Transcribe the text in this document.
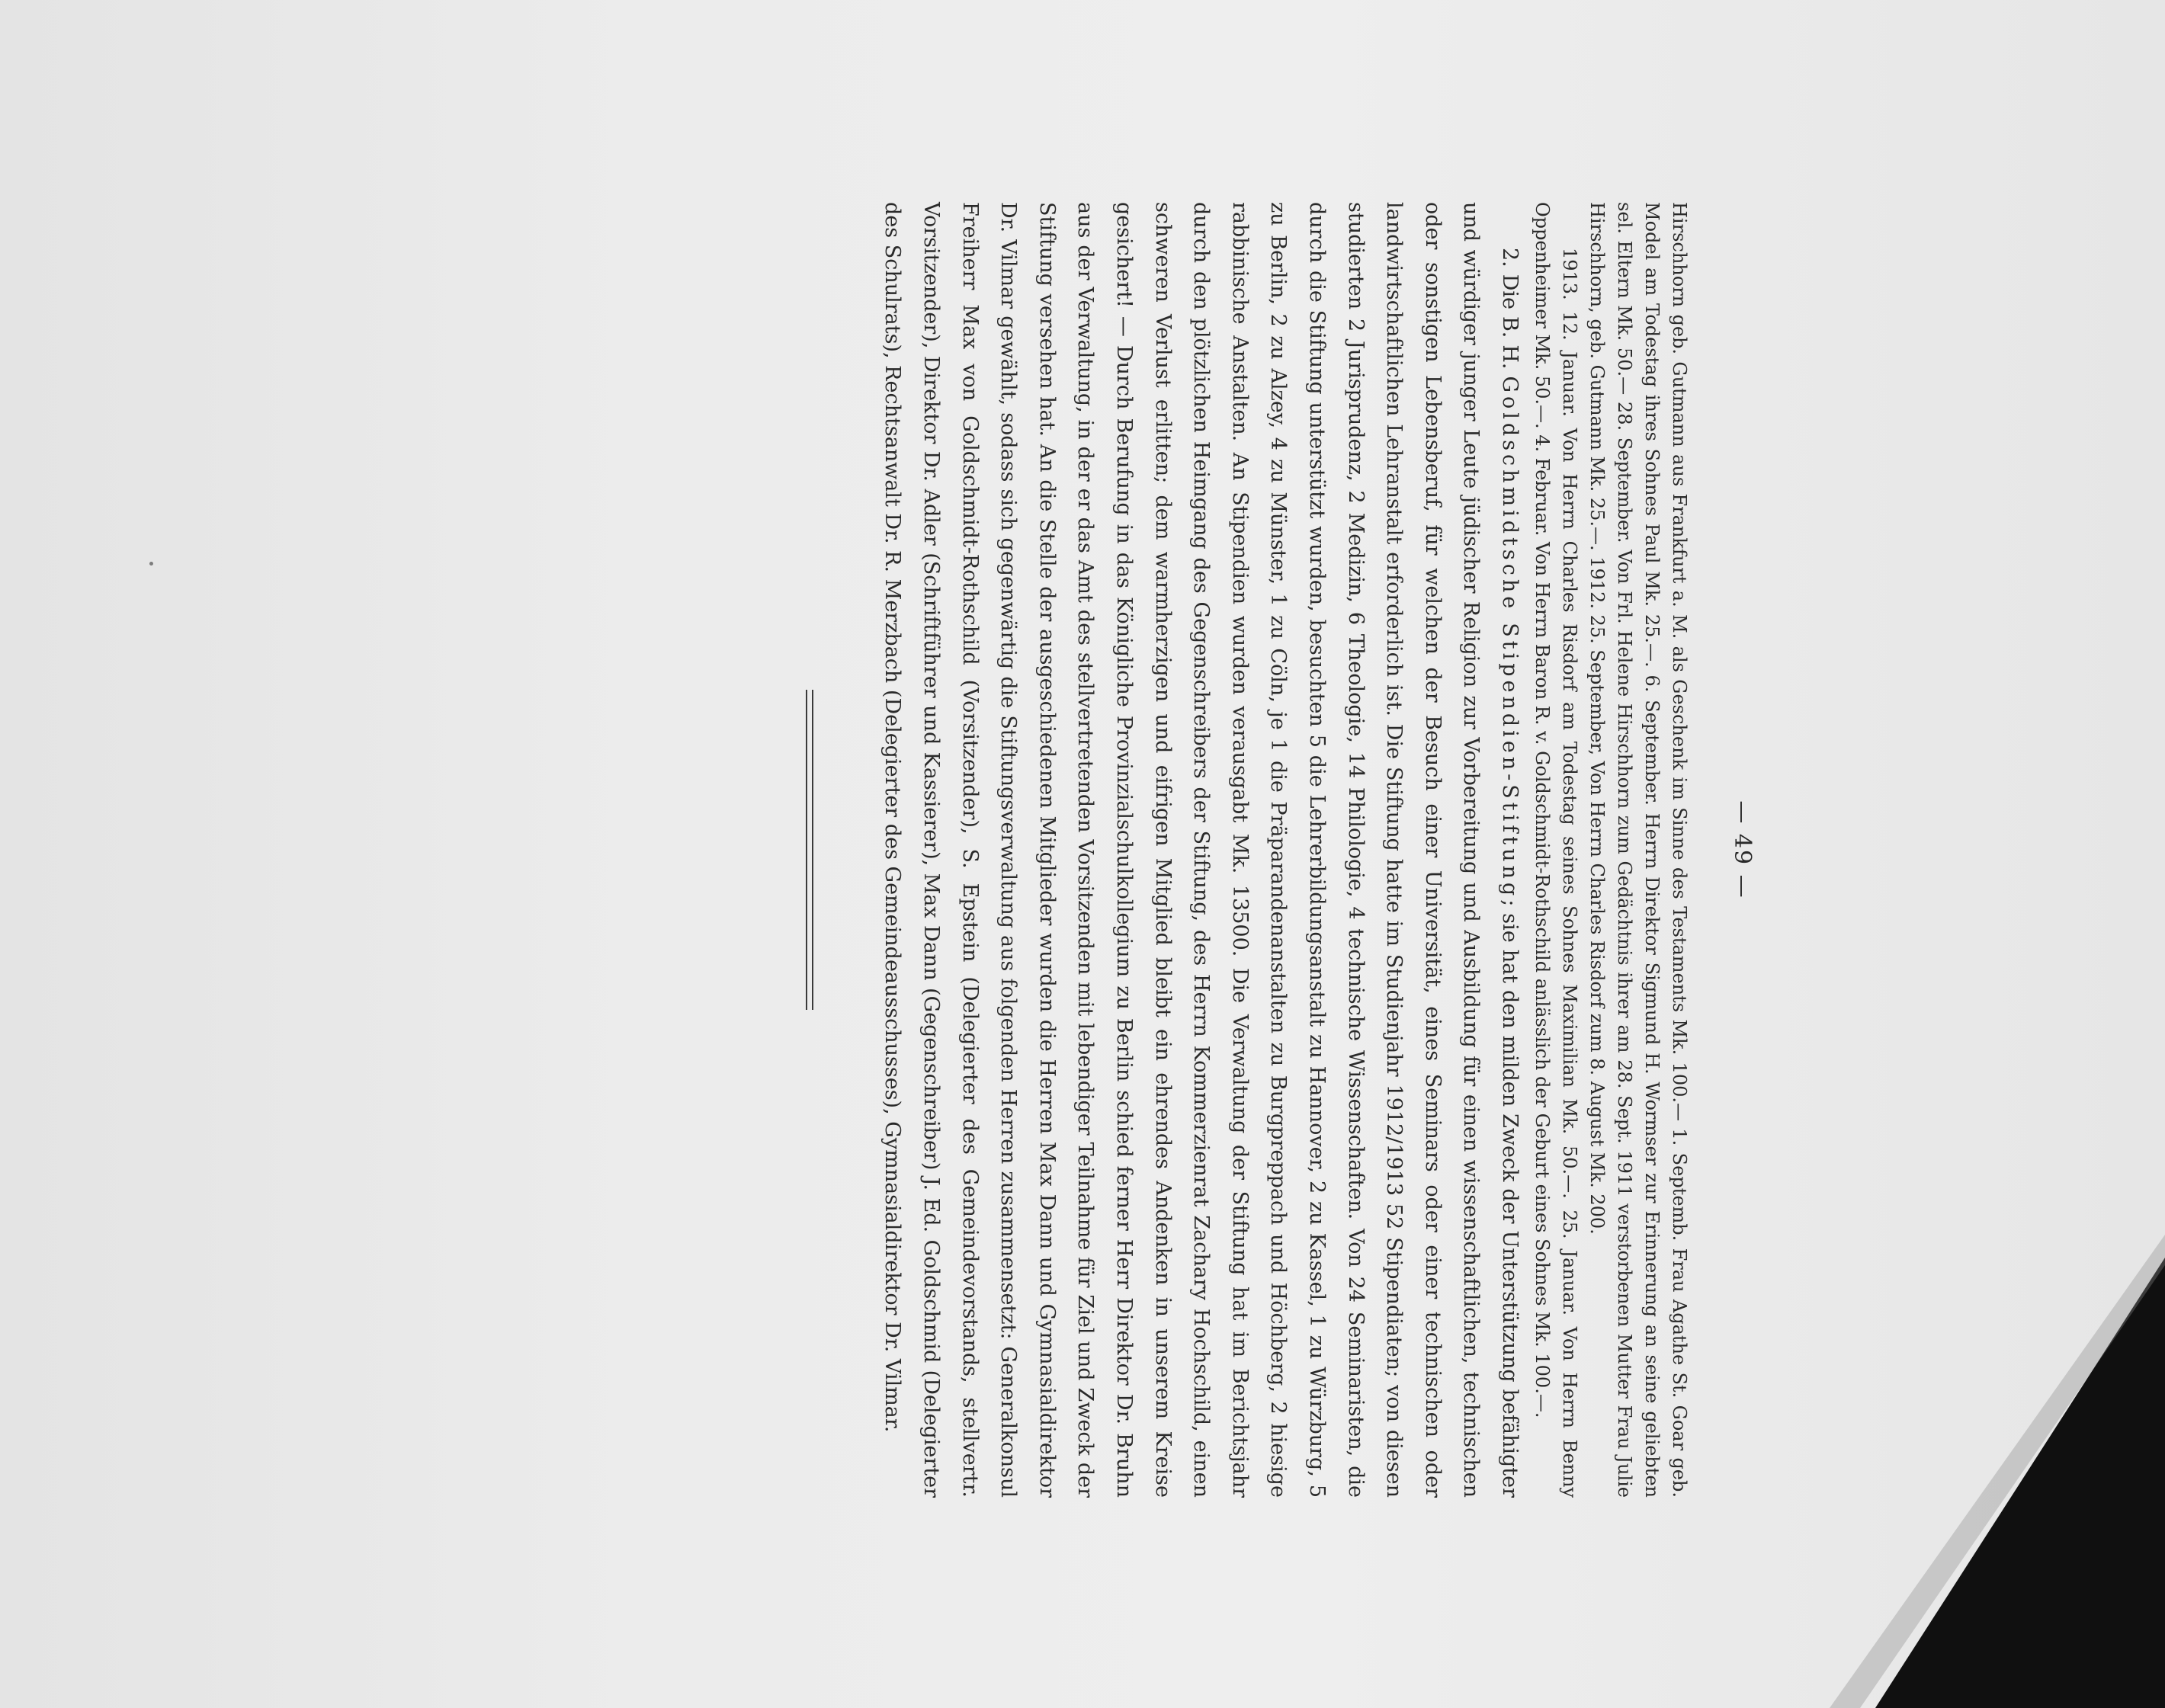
— 49 —

Hirschhorn geb. Gutmann aus Frankfurt a. M. als Geschenk im Sinne des Testaments Mk. 100.— 1. Septemb. Frau Agathe St. Goar geb. Model am Todestag ihres Sohnes Paul Mk. 25.—. 6. September. Herrn Direktor Sigmund H. Wormser zur Erinnerung an seine geliebten sel. Eltern Mk. 50.— 28. September. Von Frl. Helene Hirschhorn zum Gedächtnis ihrer am 28. Sept. 1911 verstorbenen Mutter Frau Julie Hirschhorn, geb. Gutmann Mk. 25.—. 1912. 25. September, Von Herrn Charles Risdorf zum 8. August Mk. 200.

1913. 12. Januar. Von Herrn Charles Risdorf am Todestag seines Sohnes Maximilian Mk. 50.—. 25. Januar. Von Herrn Benny Oppenheimer Mk. 50.—. 4. Februar. Von Herrn Baron R. v. Goldschmidt-Rothschild anlässlich der Geburt eines Sohnes Mk. 100.—.

2. Die B. H. Goldschmidtsche Stipendien-Stiftung; sie hat den milden Zweck der Unterstützung befähigter und würdiger junger Leute jüdischer Religion zur Vorbereitung und Ausbildung für einen wissenschaftlichen, technischen oder sonstigen Lebensberuf, für welchen der Besuch einer Universität, eines Seminars oder einer technischen oder landwirtschaftlichen Lehranstalt erforderlich ist. Die Stiftung hatte im Studienjahr 1912/1913 52 Stipendiaten; von diesen studierten 2 Jurisprudenz, 2 Medizin, 6 Theologie, 14 Philologie, 4 technische Wissenschaften. Von 24 Seminaristen, die durch die Stiftung unterstützt wurden, besuchten 5 die Lehrerbildungsanstalt zu Hannover, 2 zu Kassel, 1 zu Würzburg, 5 zu Berlin, 2 zu Alzey, 4 zu Münster, 1 zu Cöln, je 1 die Präparandenanstalten zu Burgpreppach und Höchberg, 2 hiesige rabbinische Anstalten. An Stipendien wurden verausgabt Mk. 13500. Die Verwaltung der Stiftung hat im Berichtsjahr durch den plötzlichen Heimgang des Gegenschreibers der Stiftung, des Herrn Kommerzienrat Zachary Hochschild, einen schweren Verlust erlitten; dem warmherzigen und eifrigen Mitglied bleibt ein ehrendes Andenken in unserem Kreise gesichert! — Durch Berufung in das Königliche Provinzialschulkollegium zu Berlin schied ferner Herr Direktor Dr. Bruhn aus der Verwaltung, in der er das Amt des stellvertretenden Vorsitzenden mit lebendiger Teilnahme für Ziel und Zweck der Stiftung versehen hat. An die Stelle der ausgeschiedenen Mitglieder wurden die Herren Max Dann und Gymnasialdirektor Dr. Vilmar gewählt, sodass sich gegenwärtig die Stiftungsverwaltung aus folgenden Herren zusammensetzt: Generalkonsul Freiherr Max von Goldschmidt-Rothschild (Vorsitzender), S. Epstein (Delegierter des Gemeindevorstands, stellvertr. Vorsitzender), Direktor Dr. Adler (Schriftführer und Kassierer), Max Dann (Gegenschreiber) J. Ed. Goldschmid (Delegierter des Schulrats), Rechtsanwalt Dr. R. Merzbach (Delegierter des Gemeindeausschusses), Gymnasialdirektor Dr. Vilmar.
